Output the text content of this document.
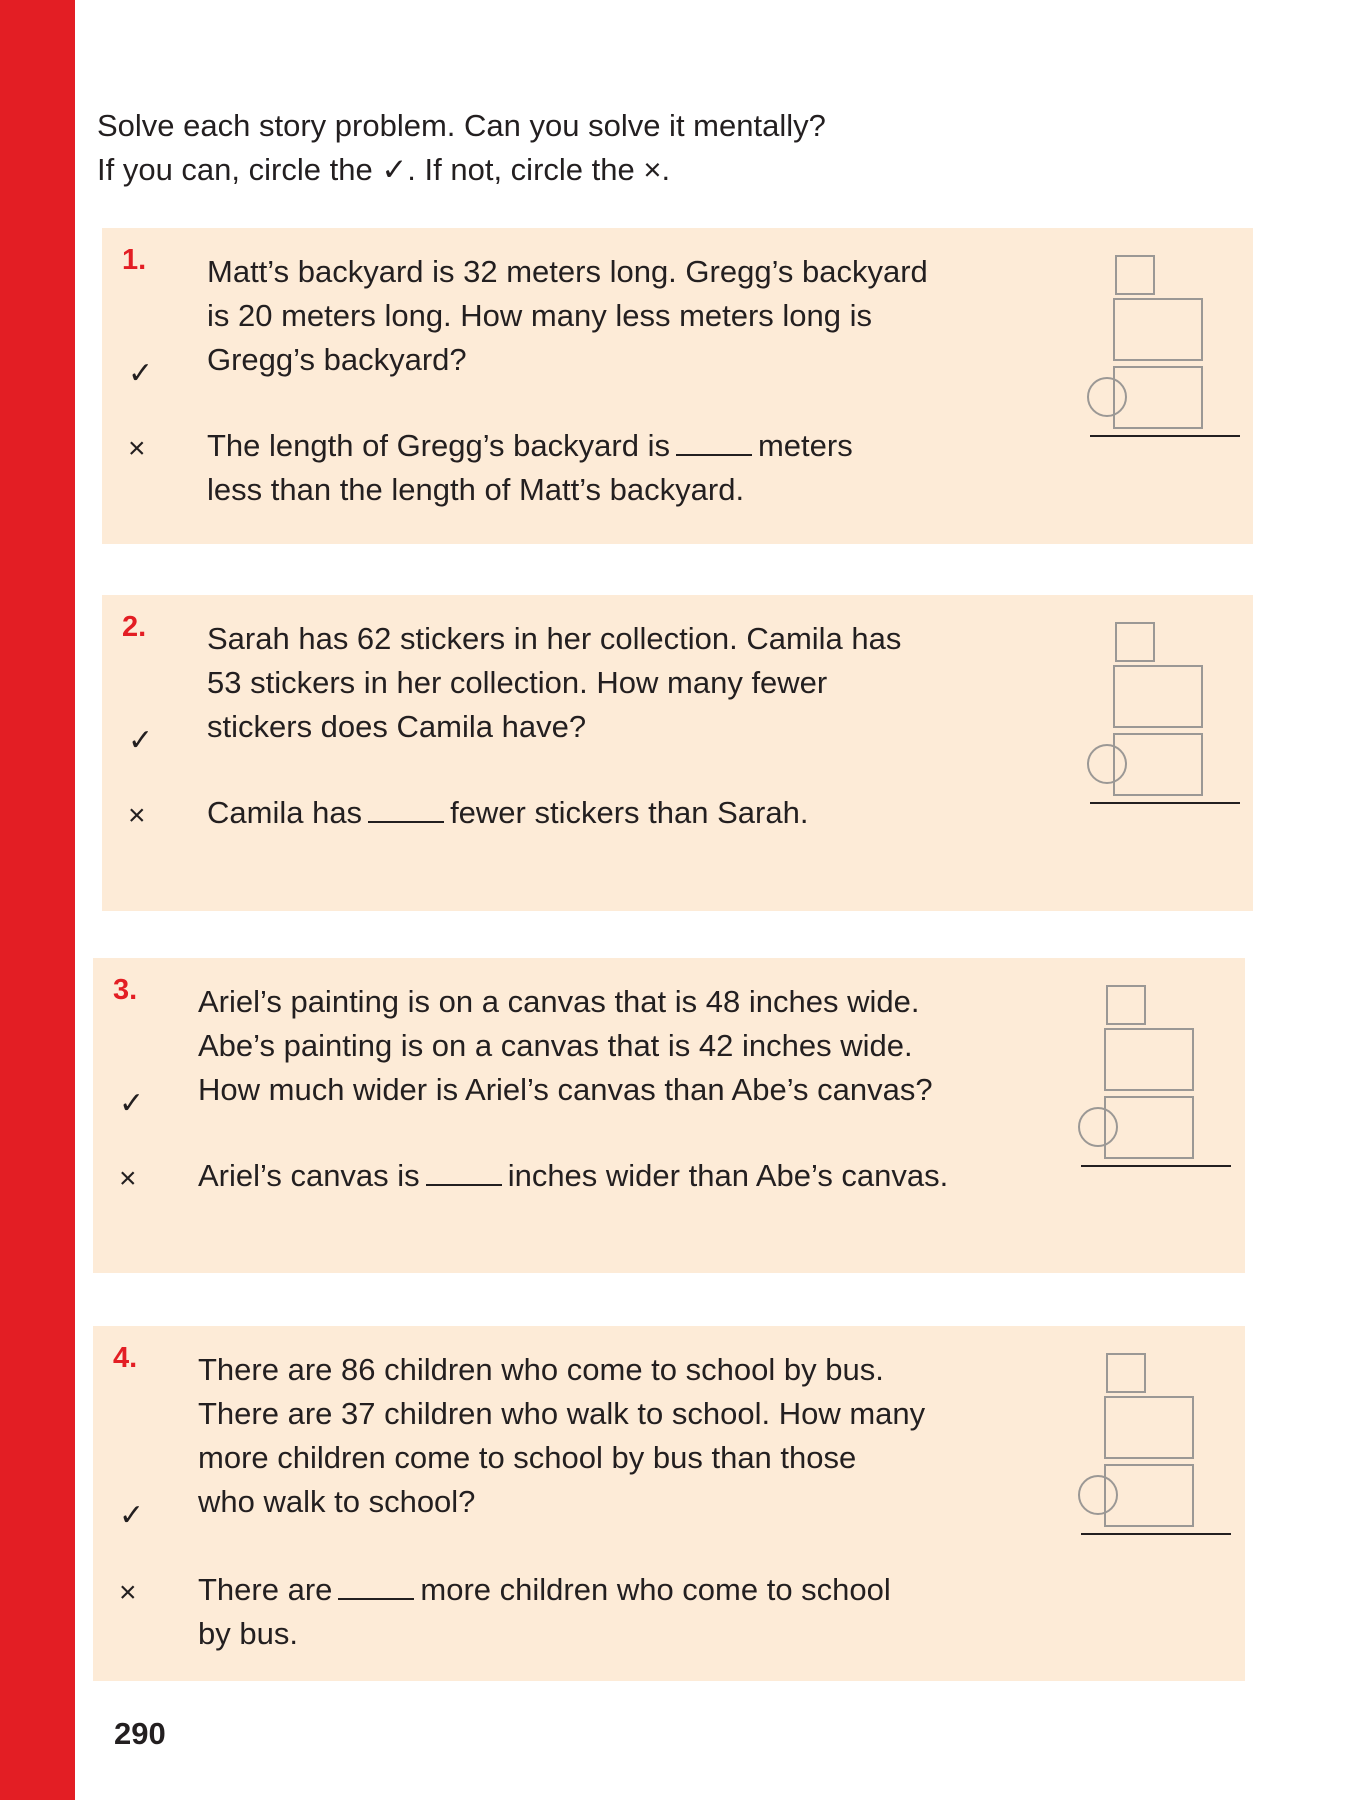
Solve each story problem. Can you solve it mentally?
If you can, circle the ✓. If not, circle the ×.
1. Matt’s backyard is 32 meters long. Gregg’s backyard
is 20 meters long. How many less meters long is
Gregg’s backyard?
✓
× The length of Gregg’s backyard is	meters
less than the length of Matt’s backyard.
2. Sarah has 62 stickers in her collection. Camila has
53 stickers in her collection. How many fewer
stickers does Camila have?
✓
× Camila has	fewer stickers than Sarah.
3. Ariel’s painting is on a canvas that is 48 inches wide.
Abe’s painting is on a canvas that is 42 inches wide.
How much wider is Ariel’s canvas than Abe’s canvas?
✓
× Ariel’s canvas is	inches wider than Abe’s canvas.
4. There are 86 children who come to school by bus.
There are 37 children who walk to school. How many
more children come to school by bus than those
who walk to school?
✓
× There are	more children who come to school
by bus.
290
